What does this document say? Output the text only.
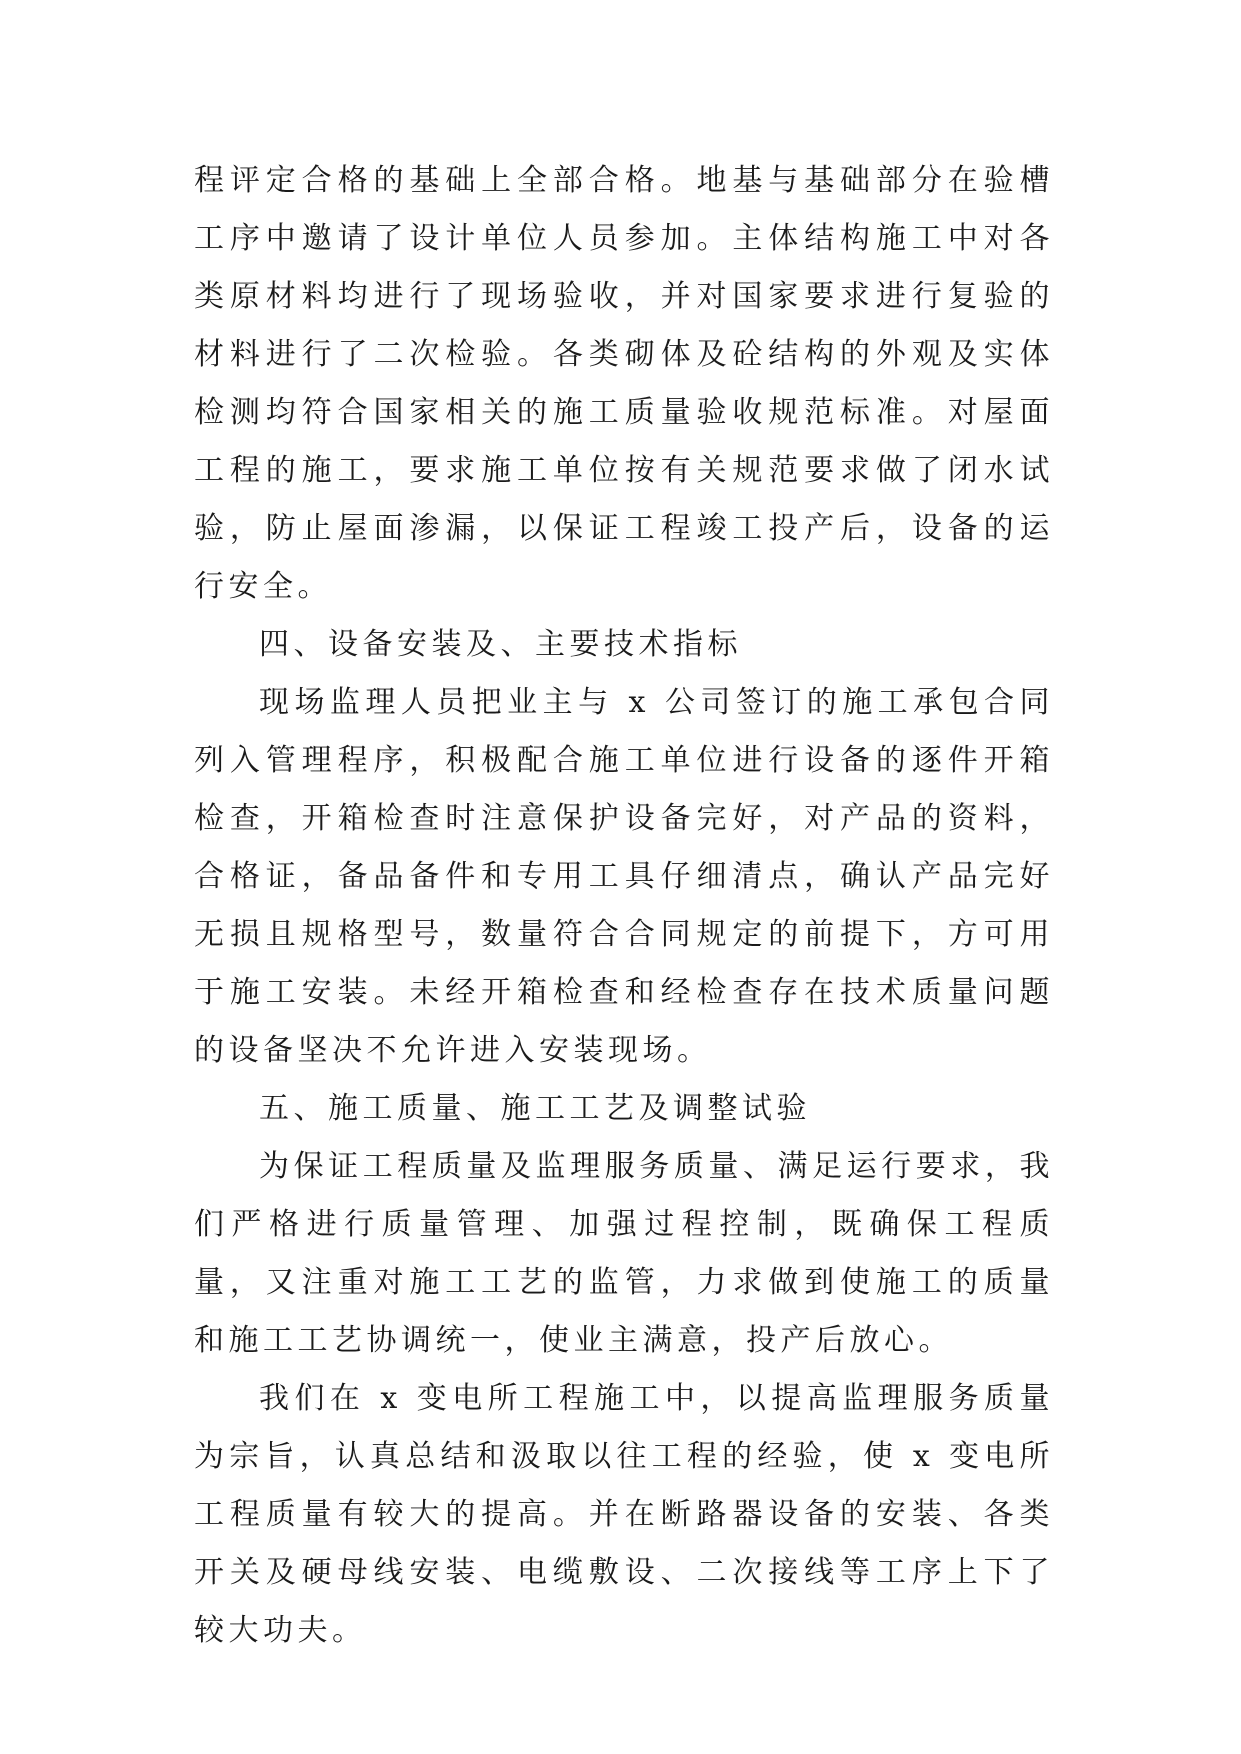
程评定合格的基础上全部合格。地基与基础部分在验槽工序中邀请了设计单位人员参加。主体结构施工中对各类原材料均进行了现场验收，并对国家要求进行复验的材料进行了二次检验。各类砌体及砼结构的外观及实体检测均符合国家相关的施工质量验收规范标准。对屋面工程的施工，要求施工单位按有关规范要求做了闭水试验，防止屋面渗漏，以保证工程竣工投产后，设备的运行安全。

四、设备安装及、主要技术指标

现场监理人员把业主与 x 公司签订的施工承包合同列入管理程序，积极配合施工单位进行设备的逐件开箱检查，开箱检查时注意保护设备完好，对产品的资料，合格证，备品备件和专用工具仔细清点，确认产品完好无损且规格型号，数量符合合同规定的前提下，方可用于施工安装。未经开箱检查和经检查存在技术质量问题的设备坚决不允许进入安装现场。

五、施工质量、施工工艺及调整试验

为保证工程质量及监理服务质量、满足运行要求，我们严格进行质量管理、加强过程控制，既确保工程质量，又注重对施工工艺的监管，力求做到使施工的质量和施工工艺协调统一，使业主满意，投产后放心。

我们在 x 变电所工程施工中，以提高监理服务质量为宗旨，认真总结和汲取以往工程的经验，使 x 变电所工程质量有较大的提高。并在断路器设备的安装、各类开关及硬母线安装、电缆敷设、二次接线等工序上下了较大功夫。
